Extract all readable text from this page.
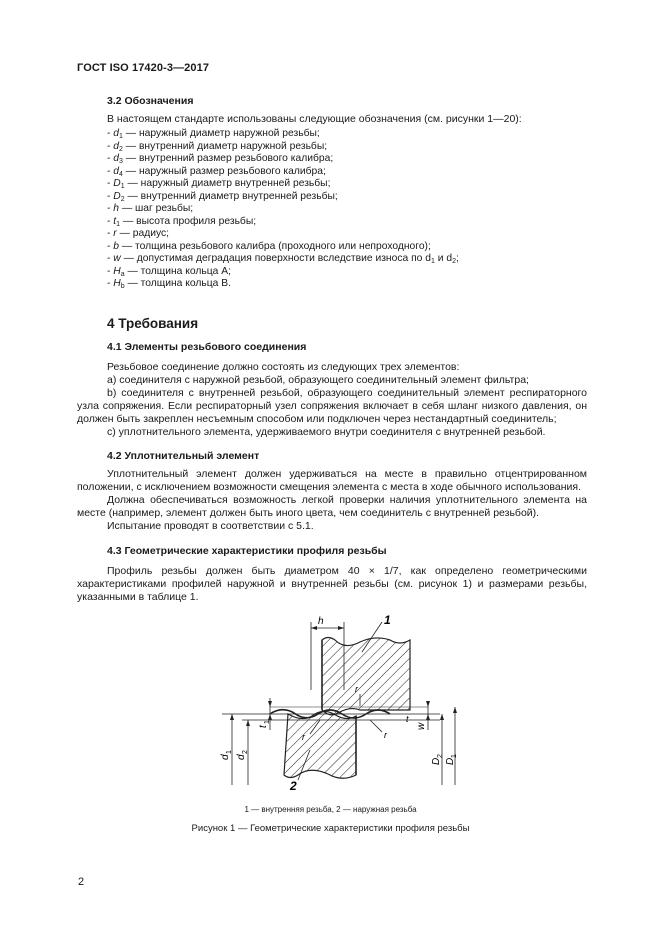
ГОСТ ISO 17420-3—2017
3.2 Обозначения
В настоящем стандарте использованы следующие обозначения (см. рисунки 1—20):
- $d_1$ — наружный диаметр наружной резьбы;
- $d_2$ — внутренний диаметр наружной резьбы;
- $d_3$ — внутренний размер резьбового калибра;
- $d_4$ — наружный размер резьбового калибра;
- $D_1$ — наружный диаметр внутренней резьбы;
- $D_2$ — внутренний диаметр внутренней резьбы;
- h — шаг резьбы;
- $t_1$ — высота профиля резьбы;
- r — радиус;
- b — толщина резьбового калибра (проходного или непроходного);
- w — допустимая деградация поверхности вследствие износа по $d_1$ и $d_2$;
- $H_a$ — толщина кольца A;
- $H_b$ — толщина кольца B.
4 Требования
4.1 Элементы резьбового соединения
Резьбовое соединение должно состоять из следующих трех элементов:
а) соединителя с наружной резьбой, образующего соединительный элемент фильтра;
b) соединителя с внутренней резьбой, образующего соединительный элемент респираторного узла сопряжения. Если респираторный узел сопряжения включает в себя шланг низкого давления, он должен быть закреплен несъемным способом или подключен через нестандартный соединитель;
с) уплотнительного элемента, удерживаемого внутри соединителя с внутренней резьбой.
4.2 Уплотнительный элемент
Уплотнительный элемент должен удерживаться на месте в правильно отцентрированном положении, с исключением возможности смещения элемента с места в ходе обычного использования.
Должна обеспечиваться возможность легкой проверки наличия уплотнительного элемента на месте (например, элемент должен быть иного цвета, чем соединитель с внутренней резьбой).
Испытание проводят в соответствии с 5.1.
4.3 Геометрические характеристики профиля резьбы
Профиль резьбы должен быть диаметром 40 × 1/7, как определено геометрическими характеристиками профилей наружной и внутренней резьбы (см. рисунок 1) и размерами резьбы, указанными в таблице 1.
h	1
2
r
r
r
t
d
1
d
2
t
1
w
D
2
D
1
1 — внутренняя резьба, 2 — наружная резьба
Рисунок 1 — Геометрические характеристики профиля резьбы
2
